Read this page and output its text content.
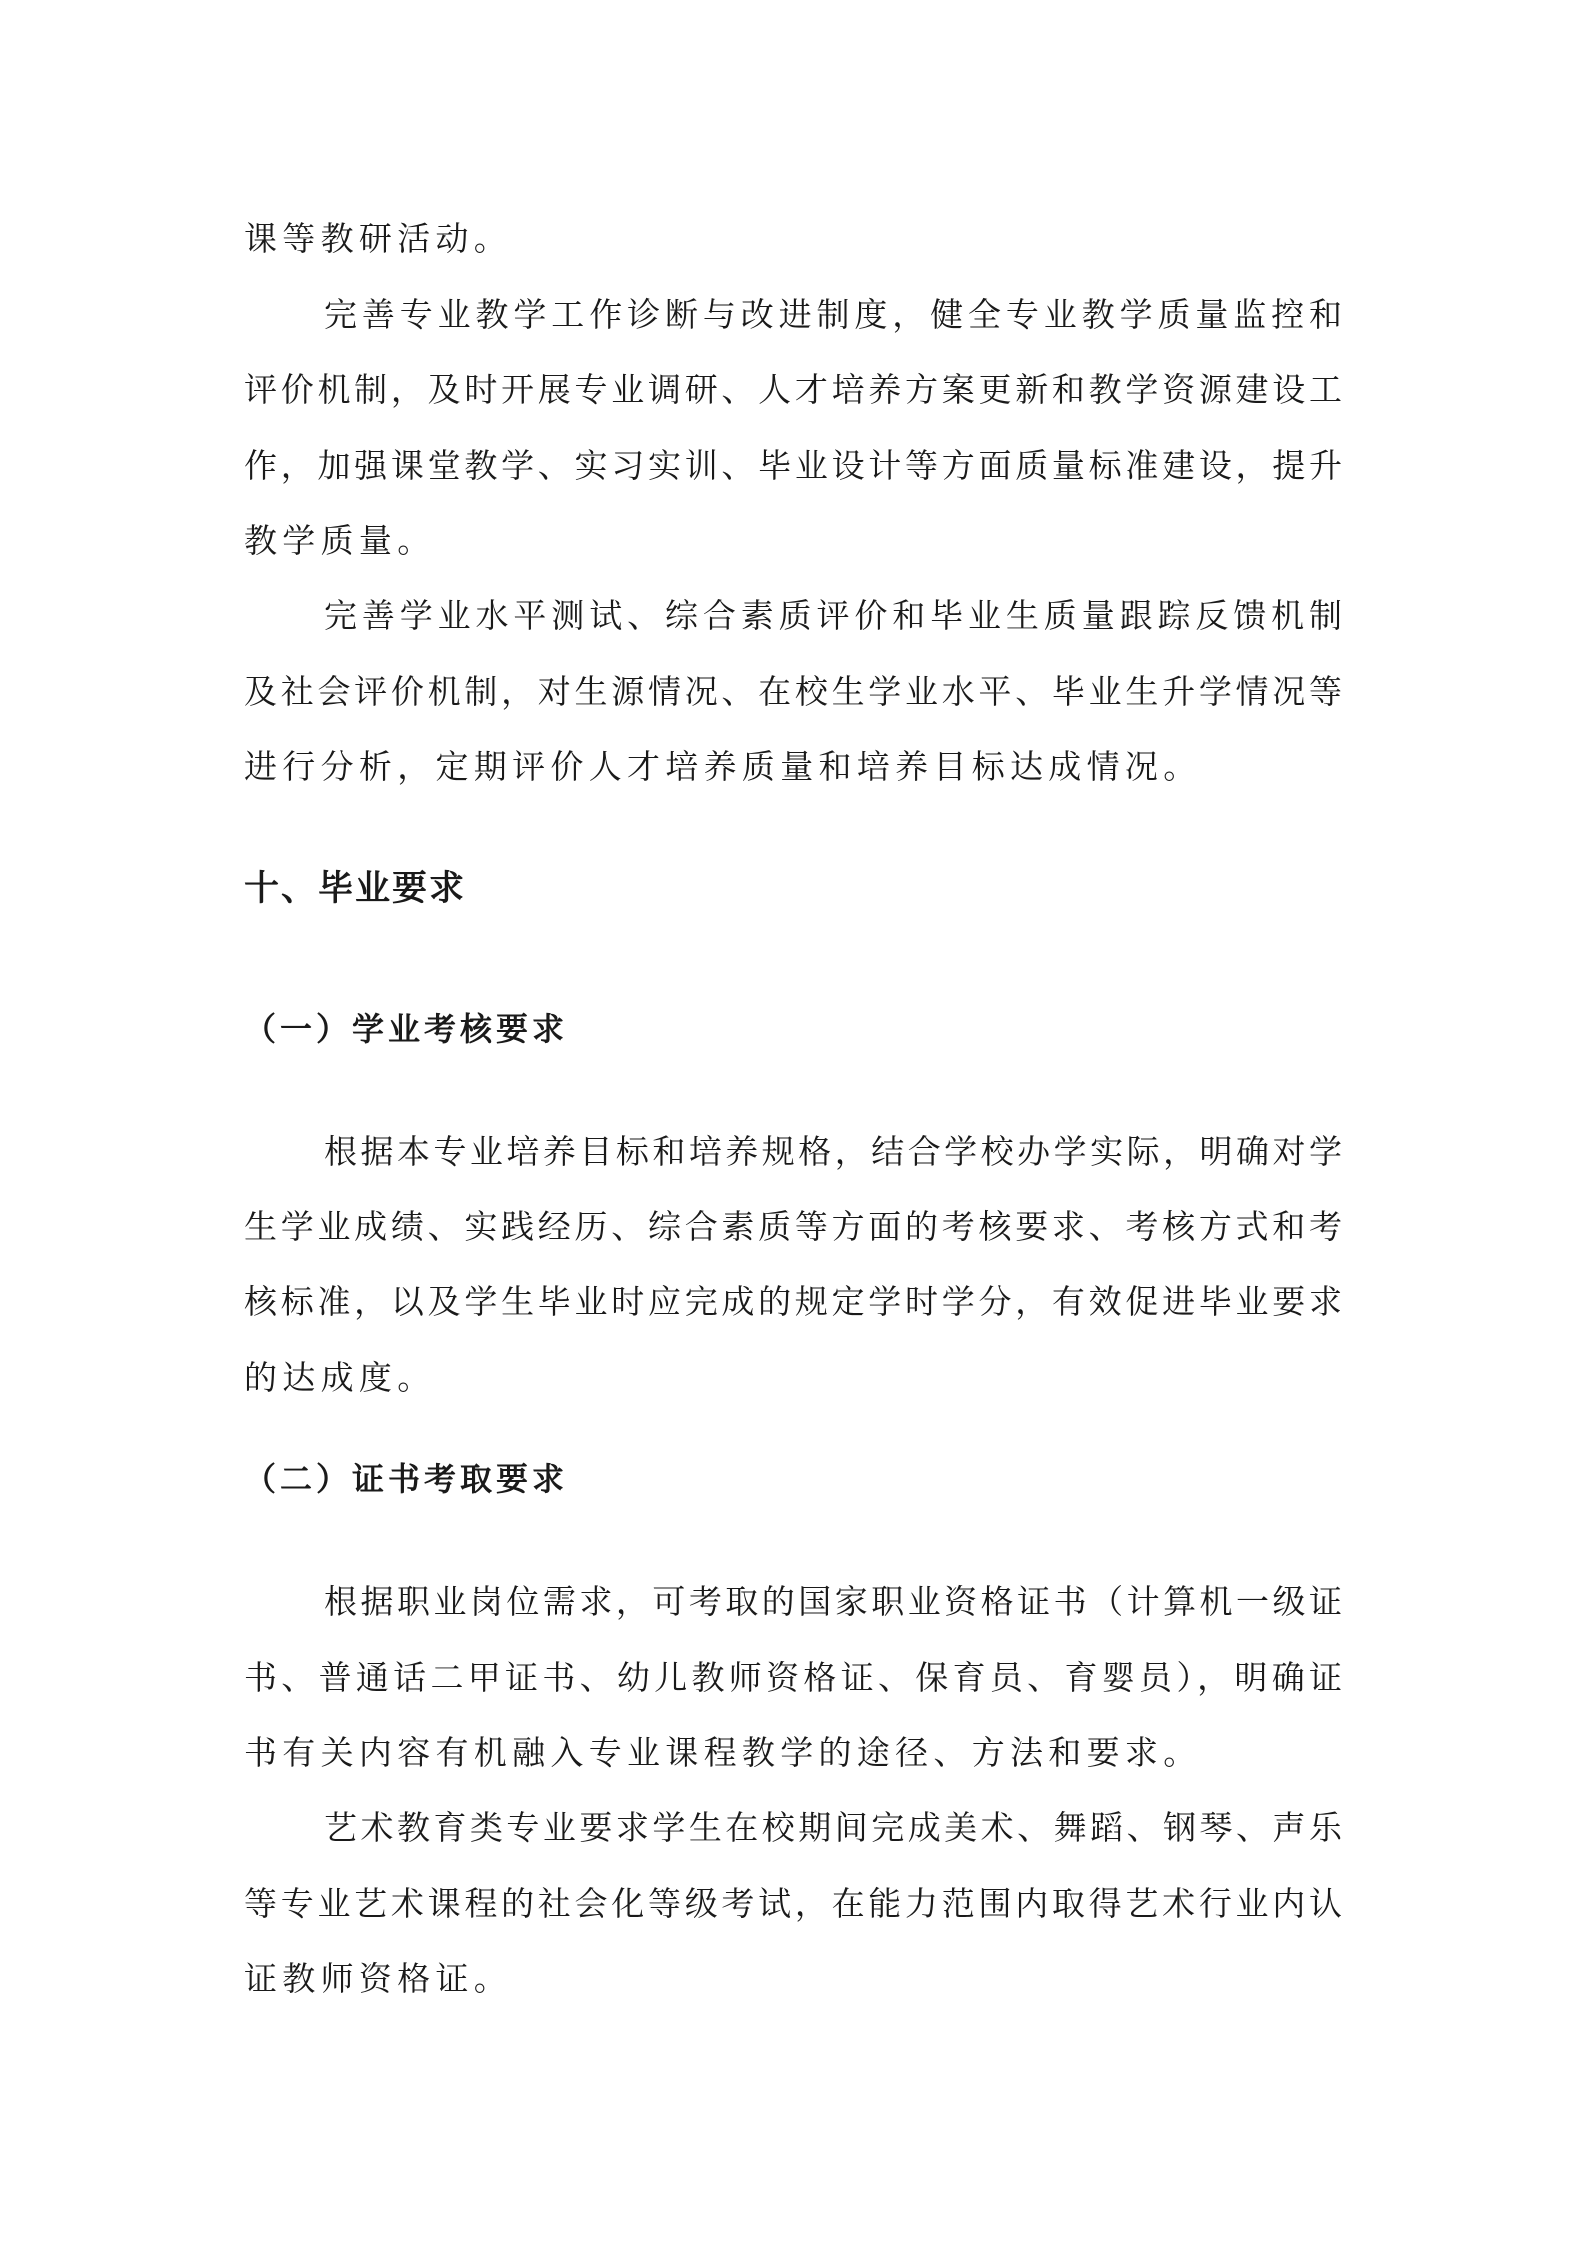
课等教研活动。
完善专业教学工作诊断与改进制度，健全专业教学质量监控和
评价机制，及时开展专业调研、人才培养方案更新和教学资源建设工
作，加强课堂教学、实习实训、毕业设计等方面质量标准建设，提升
教学质量。
完善学业水平测试、综合素质评价和毕业生质量跟踪反馈机制
及社会评价机制，对生源情况、在校生学业水平、毕业生升学情况等
进行分析，定期评价人才培养质量和培养目标达成情况。
十、毕业要求
（一）学业考核要求
根据本专业培养目标和培养规格，结合学校办学实际，明确对学
生学业成绩、实践经历、综合素质等方面的考核要求、考核方式和考
核标准，以及学生毕业时应完成的规定学时学分，有效促进毕业要求
的达成度。
（二）证书考取要求
根据职业岗位需求，可考取的国家职业资格证书（计算机一级证
书、普通话二甲证书、幼儿教师资格证、保育员、育婴员），明确证
书有关内容有机融入专业课程教学的途径、方法和要求。
艺术教育类专业要求学生在校期间完成美术、舞蹈、钢琴、声乐
等专业艺术课程的社会化等级考试，在能力范围内取得艺术行业内认
证教师资格证。
